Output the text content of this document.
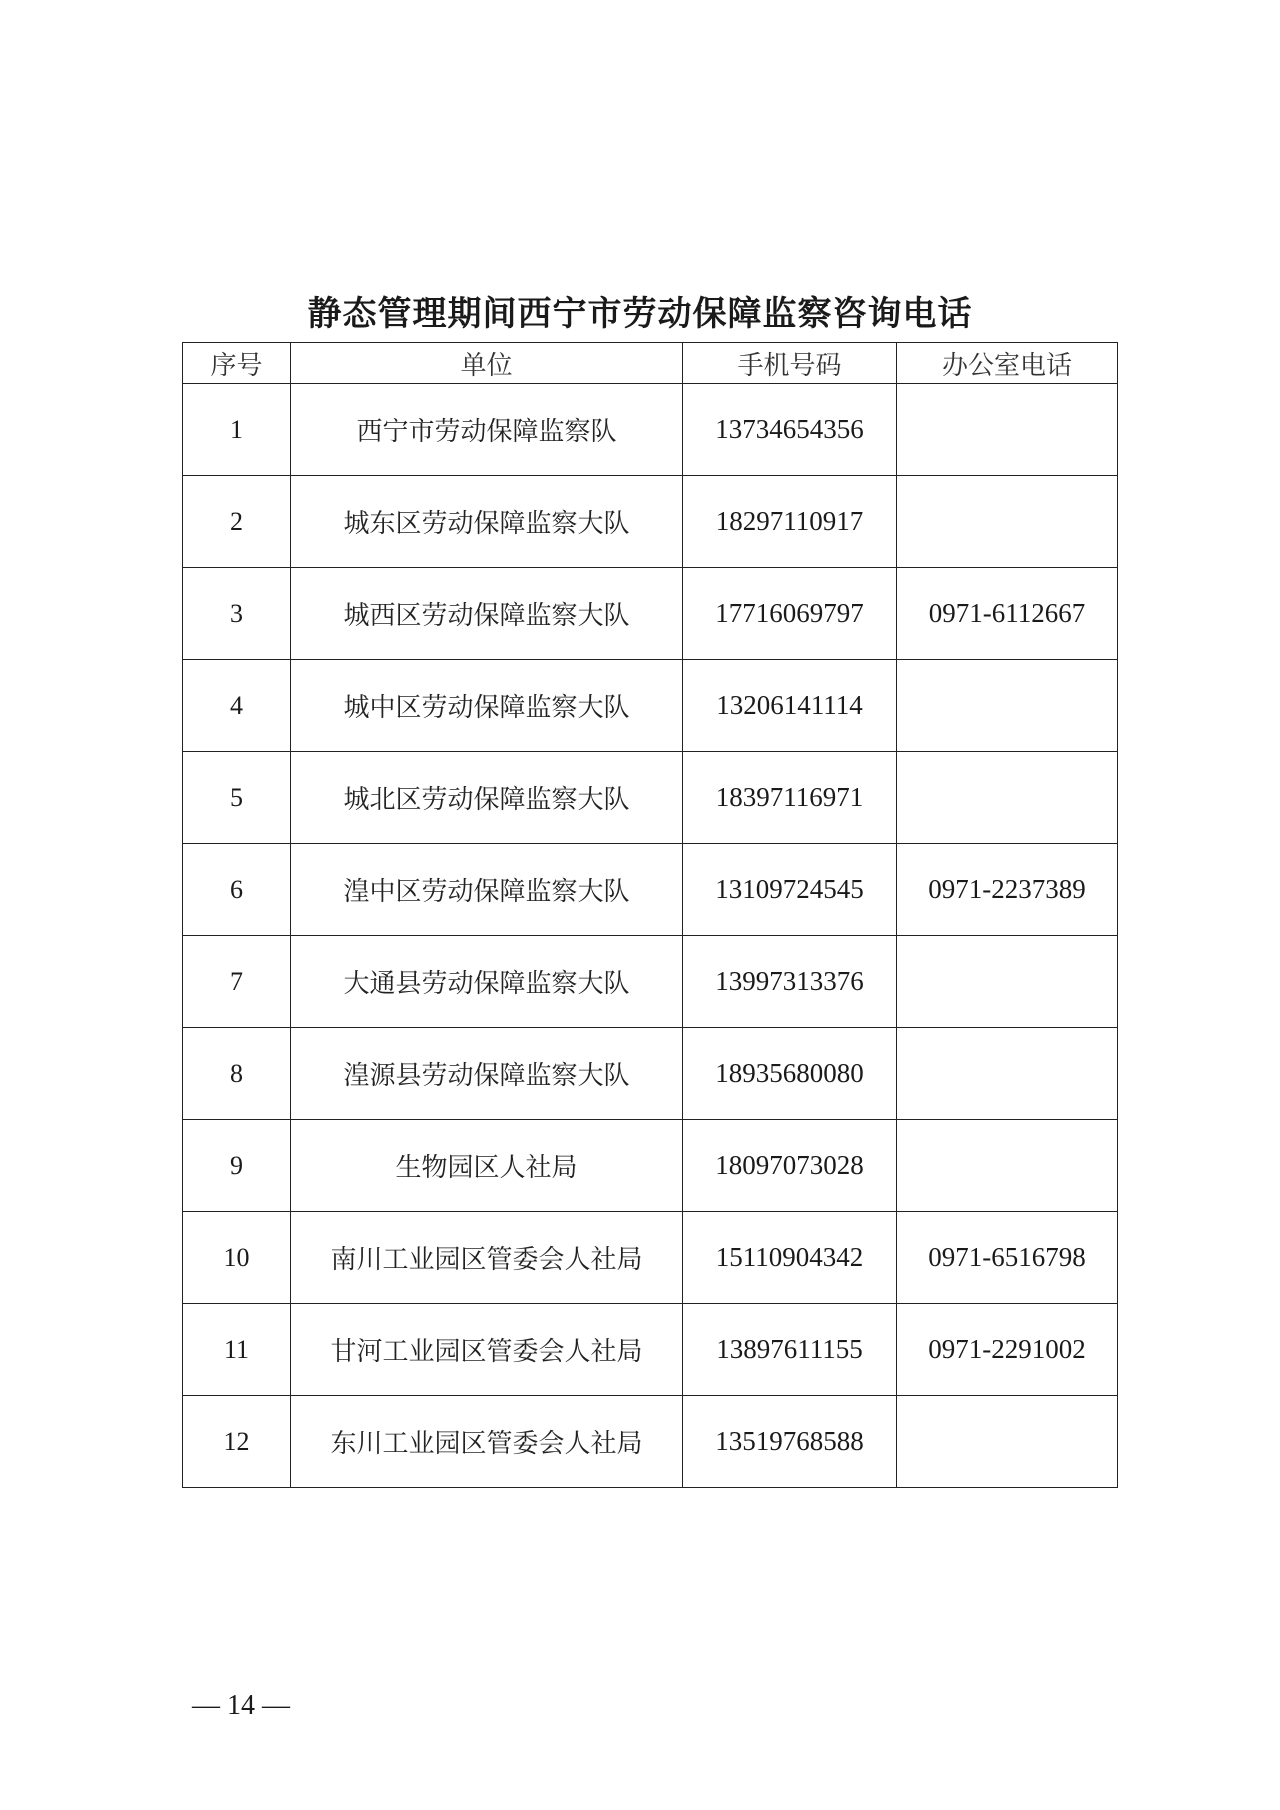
静态管理期间西宁市劳动保障监察咨询电话
序号	单位	手机号码	办公室电话
1	西宁市劳动保障监察队	13734654356	
2	城东区劳动保障监察大队	18297110917	
3	城西区劳动保障监察大队	17716069797	0971-6112667
4	城中区劳动保障监察大队	13206141114	
5	城北区劳动保障监察大队	18397116971	
6	湟中区劳动保障监察大队	13109724545	0971-2237389
7	大通县劳动保障监察大队	13997313376	
8	湟源县劳动保障监察大队	18935680080	
9	生物园区人社局	18097073028	
10	南川工业园区管委会人社局	15110904342	0971-6516798
11	甘河工业园区管委会人社局	13897611155	0971-2291002
12	东川工业园区管委会人社局	13519768588	
— 14 —
